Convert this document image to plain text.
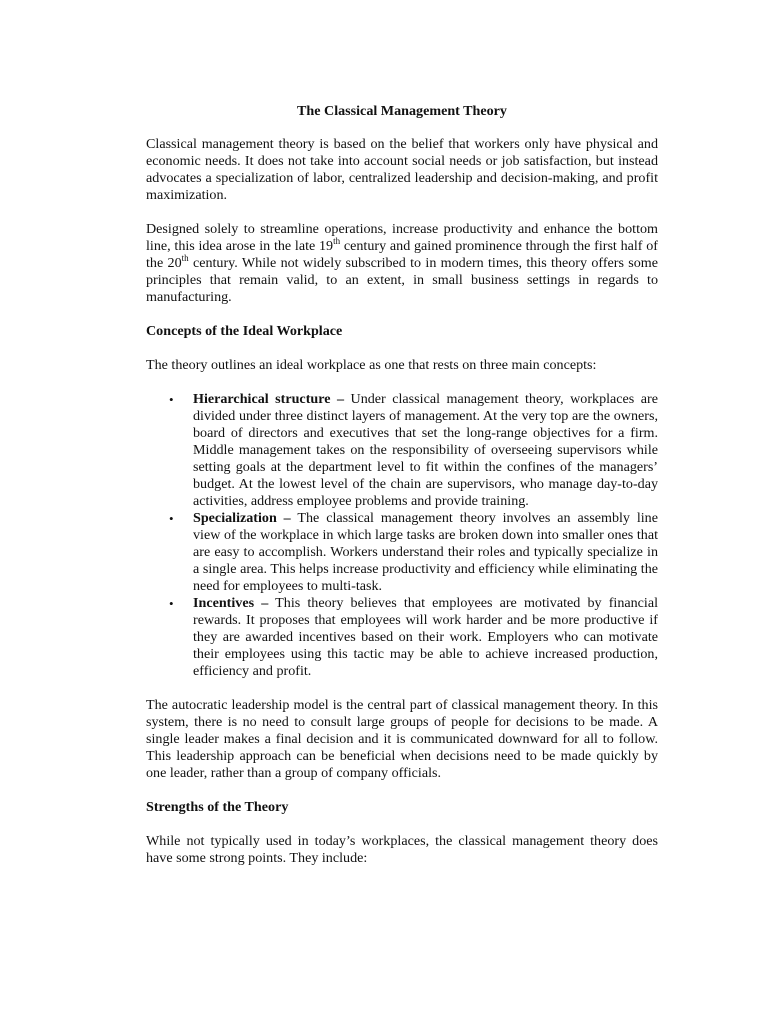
The Classical Management Theory

Classical management theory is based on the belief that workers only have physical and economic needs. It does not take into account social needs or job satisfaction, but instead advocates a specialization of labor, centralized leadership and decision-making, and profit maximization.

Designed solely to streamline operations, increase productivity and enhance the bottom line, this idea arose in the late 19th century and gained prominence through the first half of the 20th century. While not widely subscribed to in modern times, this theory offers some principles that remain valid, to an extent, in small business settings in regards to manufacturing.

Concepts of the Ideal Workplace

The theory outlines an ideal workplace as one that rests on three main concepts:

• Hierarchical structure – Under classical management theory, workplaces are divided under three distinct layers of management. At the very top are the owners, board of directors and executives that set the long-range objectives for a firm. Middle management takes on the responsibility of overseeing supervisors while setting goals at the department level to fit within the confines of the managers’ budget. At the lowest level of the chain are supervisors, who manage day-to-day activities, address employee problems and provide training.
• Specialization – The classical management theory involves an assembly line view of the workplace in which large tasks are broken down into smaller ones that are easy to accomplish. Workers understand their roles and typically specialize in a single area. This helps increase productivity and efficiency while eliminating the need for employees to multi-task.
• Incentives – This theory believes that employees are motivated by financial rewards. It proposes that employees will work harder and be more productive if they are awarded incentives based on their work. Employers who can motivate their employees using this tactic may be able to achieve increased production, efficiency and profit.

The autocratic leadership model is the central part of classical management theory. In this system, there is no need to consult large groups of people for decisions to be made. A single leader makes a final decision and it is communicated downward for all to follow. This leadership approach can be beneficial when decisions need to be made quickly by one leader, rather than a group of company officials.

Strengths of the Theory

While not typically used in today’s workplaces, the classical management theory does have some strong points. They include:
